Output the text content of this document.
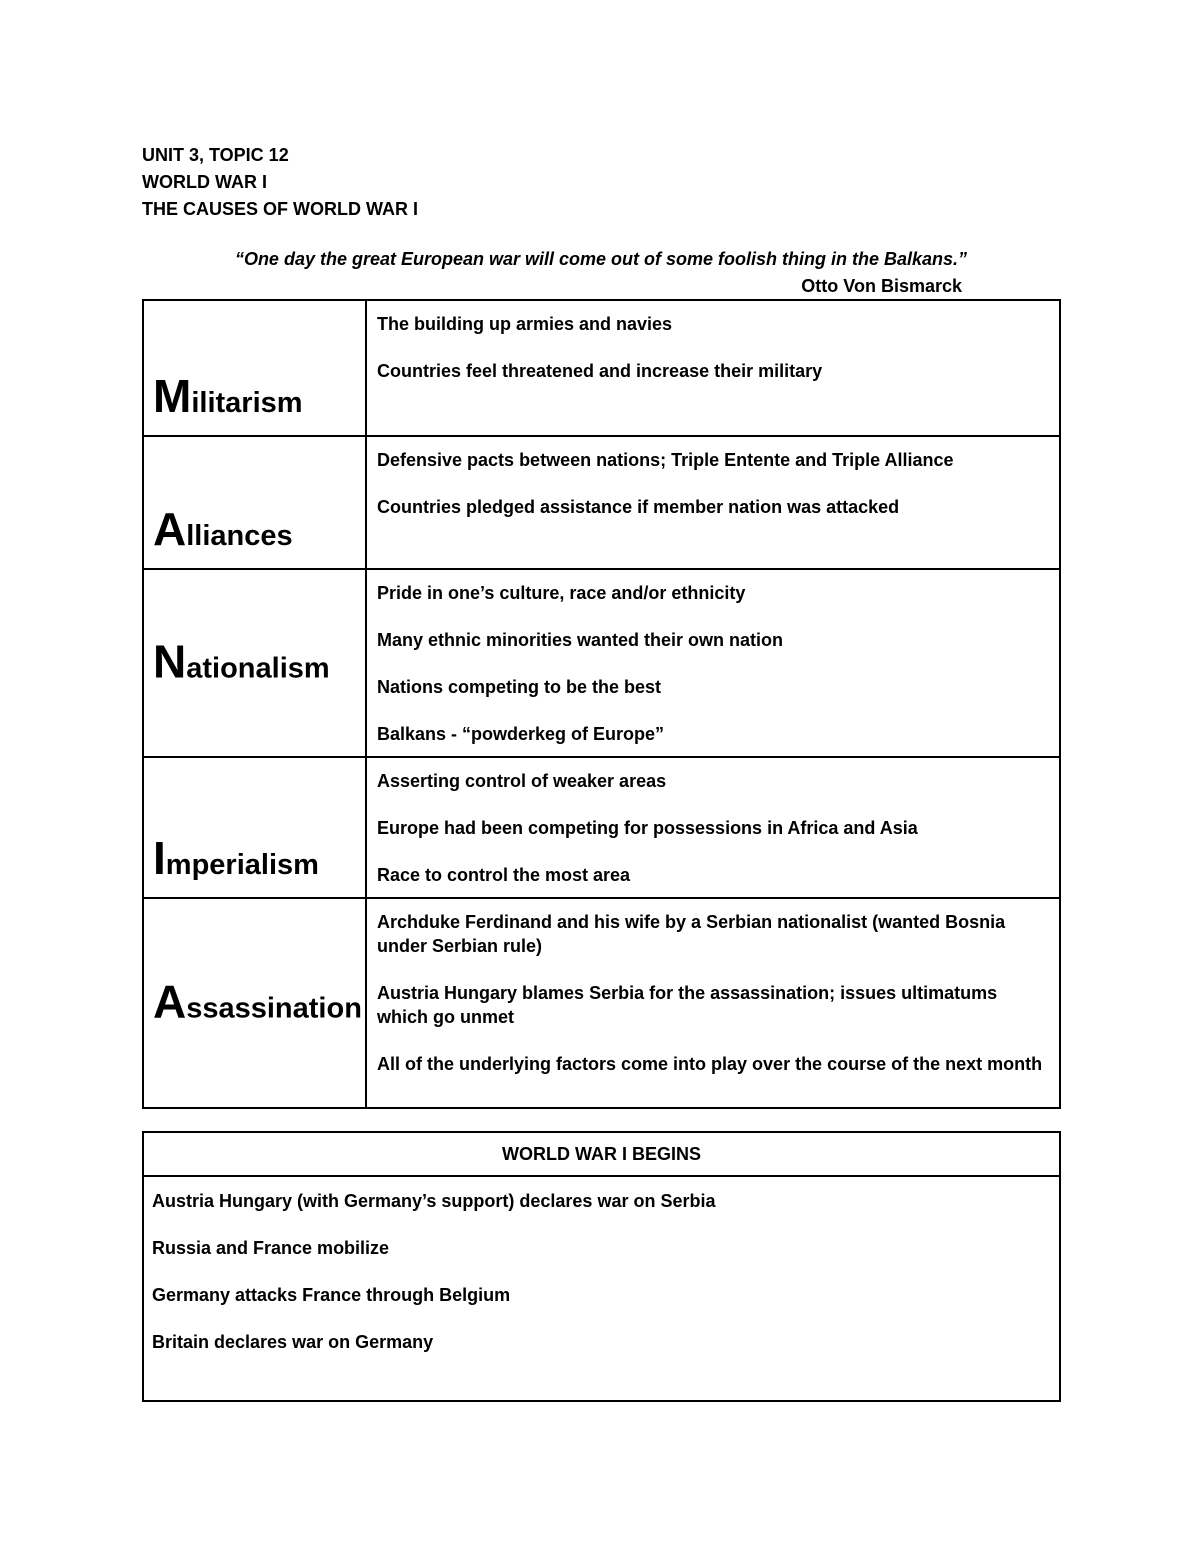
UNIT 3, TOPIC 12
WORLD WAR I
THE CAUSES OF WORLD WAR I
“One day the great European war will come out of some foolish thing in the Balkans.”
Otto Von Bismarck
Militarism	The building up armies and navies
Countries feel threatened and increase their military

Alliances	Defensive pacts between nations; Triple Entente and Triple Alliance
Countries pledged assistance if member nation was attacked

Nationalism	Pride in one’s culture, race and/or ethnicity
Many ethnic minorities wanted their own nation
Nations competing to be the best
Balkans - “powderkeg of Europe”

Imperialism	Asserting control of weaker areas
Europe had been competing for possessions in Africa and Asia
Race to control the most area

Assassination	Archduke Ferdinand and his wife by a Serbian nationalist (wanted Bosnia under Serbian rule)
Austria Hungary blames Serbia for the assassination; issues ultimatums which go unmet
All of the underlying factors come into play over the course of the next month
WORLD WAR I BEGINS

Austria Hungary (with Germany’s support) declares war on Serbia
Russia and France mobilize
Germany attacks France through Belgium
Britain declares war on Germany
